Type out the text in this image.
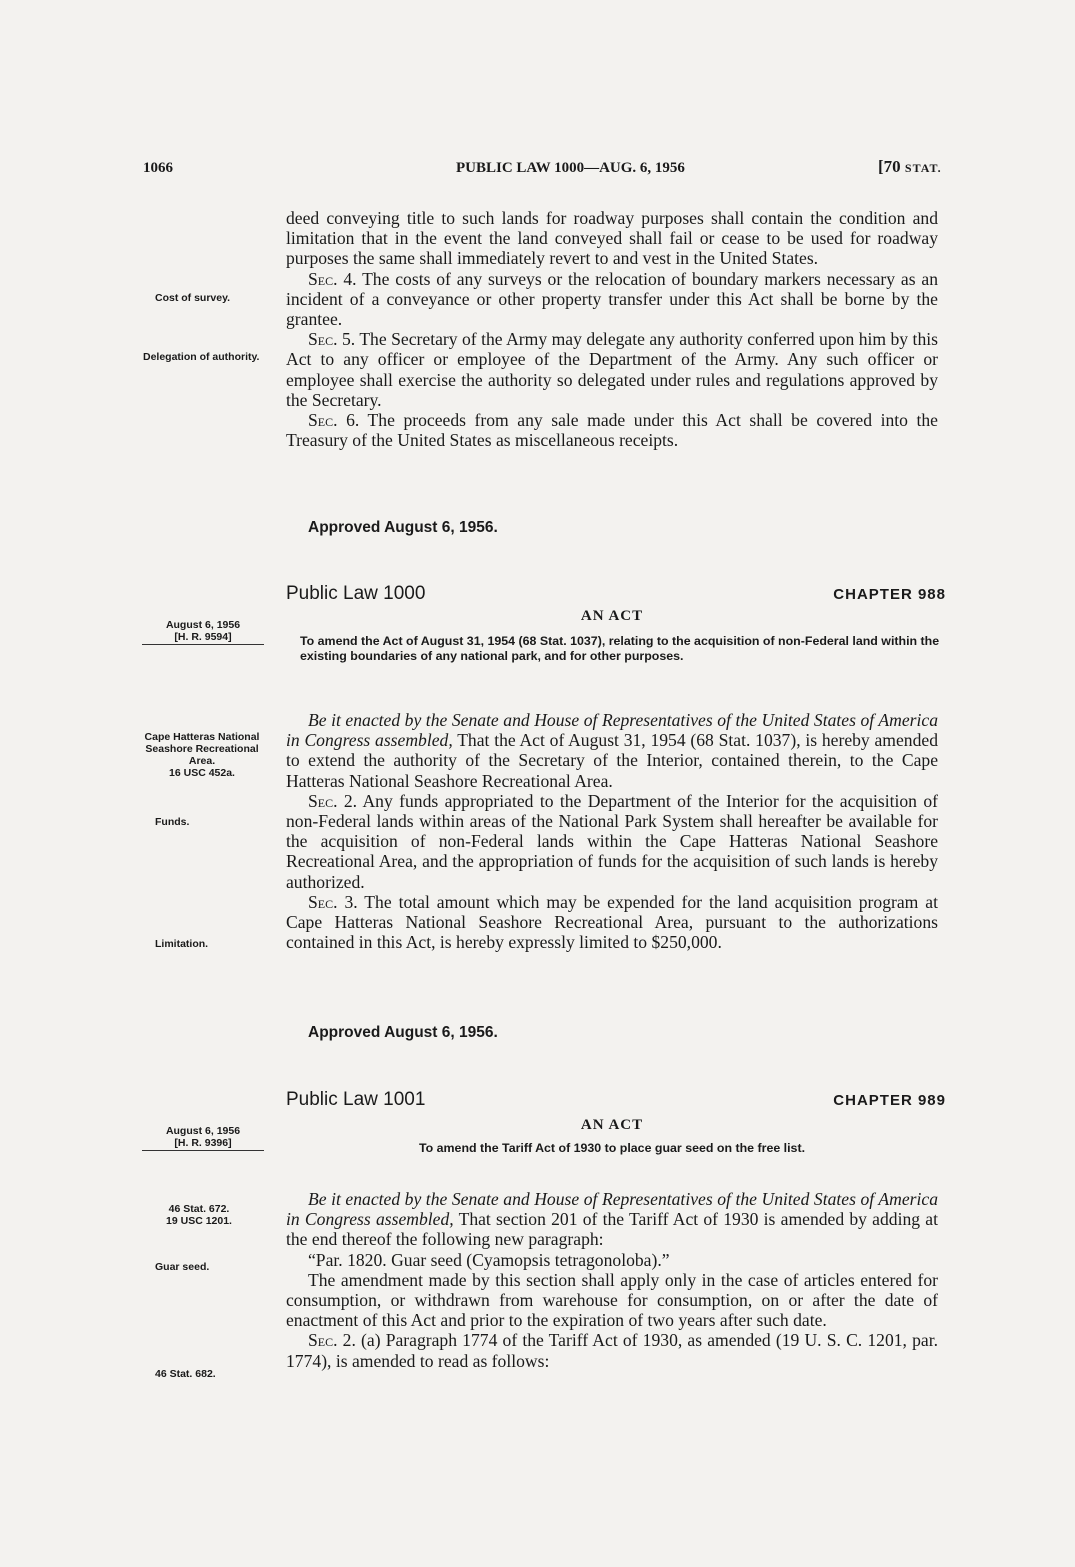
1066	PUBLIC LAW 1000—AUG. 6, 1956	[70 STAT.

deed conveying title to such lands for roadway purposes shall contain the condition and limitation that in the event the land conveyed shall fail or cease to be used for roadway purposes the same shall immediately revert to and vest in the United States.

Sec. 4. The costs of any surveys or the relocation of boundary markers necessary as an incident of a conveyance or other property transfer under this Act shall be borne by the grantee.

Sec. 5. The Secretary of the Army may delegate any authority conferred upon him by this Act to any officer or employee of the Department of the Army. Any such officer or employee shall exercise the authority so delegated under rules and regulations approved by the Secretary.

Sec. 6. The proceeds from any sale made under this Act shall be covered into the Treasury of the United States as miscellaneous receipts.

Approved August 6, 1956.
Cost of survey.
Delegation of authority.
Public Law 1000	CHAPTER 988
AN ACT
To amend the Act of August 31, 1954 (68 Stat. 1037), relating to the acquisition of non-Federal land within the existing boundaries of any national park, and for other purposes.
August 6, 1956
[H. R. 9594]

Be it enacted by the Senate and House of Representatives of the United States of America in Congress assembled, That the Act of August 31, 1954 (68 Stat. 1037), is hereby amended to extend the authority of the Secretary of the Interior, contained therein, to the Cape Hatteras National Seashore Recreational Area.

Sec. 2. Any funds appropriated to the Department of the Interior for the acquisition of non-Federal lands within areas of the National Park System shall hereafter be available for the acquisition of non-Federal lands within the Cape Hatteras National Seashore Recreational Area, and the appropriation of funds for the acquisition of such lands is hereby authorized.

Sec. 3. The total amount which may be expended for the land acquisition program at Cape Hatteras National Seashore Recreational Area, pursuant to the authorizations contained in this Act, is hereby expressly limited to $250,000.

Approved August 6, 1956.
Cape Hatteras National Seashore Recreational Area.
16 USC 452a.
Funds.
Limitation.
Public Law 1001	CHAPTER 989
AN ACT
To amend the Tariff Act of 1930 to place guar seed on the free list.
August 6, 1956
[H. R. 9396]

Be it enacted by the Senate and House of Representatives of the United States of America in Congress assembled, That section 201 of the Tariff Act of 1930 is amended by adding at the end thereof the following new paragraph:

“Par. 1820. Guar seed (Cyamopsis tetragonoloba).”

The amendment made by this section shall apply only in the case of articles entered for consumption, or withdrawn from warehouse for consumption, on or after the date of enactment of this Act and prior to the expiration of two years after such date.

Sec. 2. (a) Paragraph 1774 of the Tariff Act of 1930, as amended (19 U. S. C. 1201, par. 1774), is amended to read as follows:

46 Stat. 672.
19 USC 1201.
Guar seed.
46 Stat. 682.
